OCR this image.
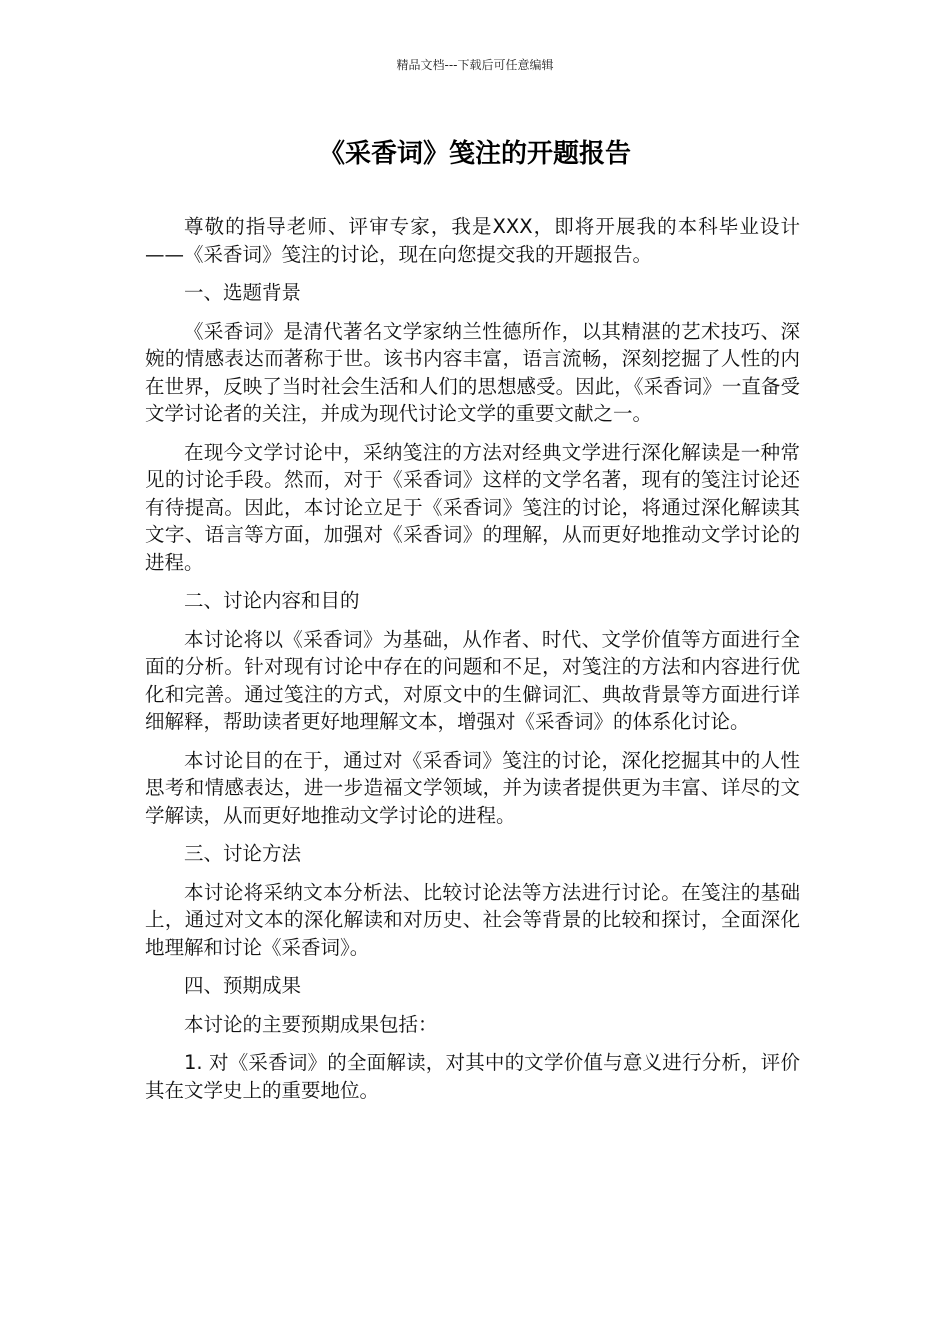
精品文档---下载后可任意编辑
《采香词》笺注的开题报告

尊敬的指导老师、评审专家，我是XXX，即将开展我的本科毕业设计——《采香词》笺注的讨论，现在向您提交我的开题报告。

一、选题背景

《采香词》是清代著名文学家纳兰性德所作，以其精湛的艺术技巧、深婉的情感表达而著称于世。该书内容丰富，语言流畅，深刻挖掘了人性的内在世界，反映了当时社会生活和人们的思想感受。因此，《采香词》一直备受文学讨论者的关注，并成为现代讨论文学的重要文献之一。

在现今文学讨论中，采纳笺注的方法对经典文学进行深化解读是一种常见的讨论手段。然而，对于《采香词》这样的文学名著，现有的笺注讨论还有待提高。因此，本讨论立足于《采香词》笺注的讨论，将通过深化解读其文字、语言等方面，加强对《采香词》的理解，从而更好地推动文学讨论的进程。

二、讨论内容和目的

本讨论将以《采香词》为基础，从作者、时代、文学价值等方面进行全面的分析。针对现有讨论中存在的问题和不足，对笺注的方法和内容进行优化和完善。通过笺注的方式，对原文中的生僻词汇、典故背景等方面进行详细解释，帮助读者更好地理解文本，增强对《采香词》的体系化讨论。

本讨论目的在于，通过对《采香词》笺注的讨论，深化挖掘其中的人性思考和情感表达，进一步造福文学领域，并为读者提供更为丰富、详尽的文学解读，从而更好地推动文学讨论的进程。

三、讨论方法

本讨论将采纳文本分析法、比较讨论法等方法进行讨论。在笺注的基础上，通过对文本的深化解读和对历史、社会等背景的比较和探讨，全面深化地理解和讨论《采香词》。

四、预期成果

本讨论的主要预期成果包括：

1. 对《采香词》的全面解读，对其中的文学价值与意义进行分析，评价其在文学史上的重要地位。
